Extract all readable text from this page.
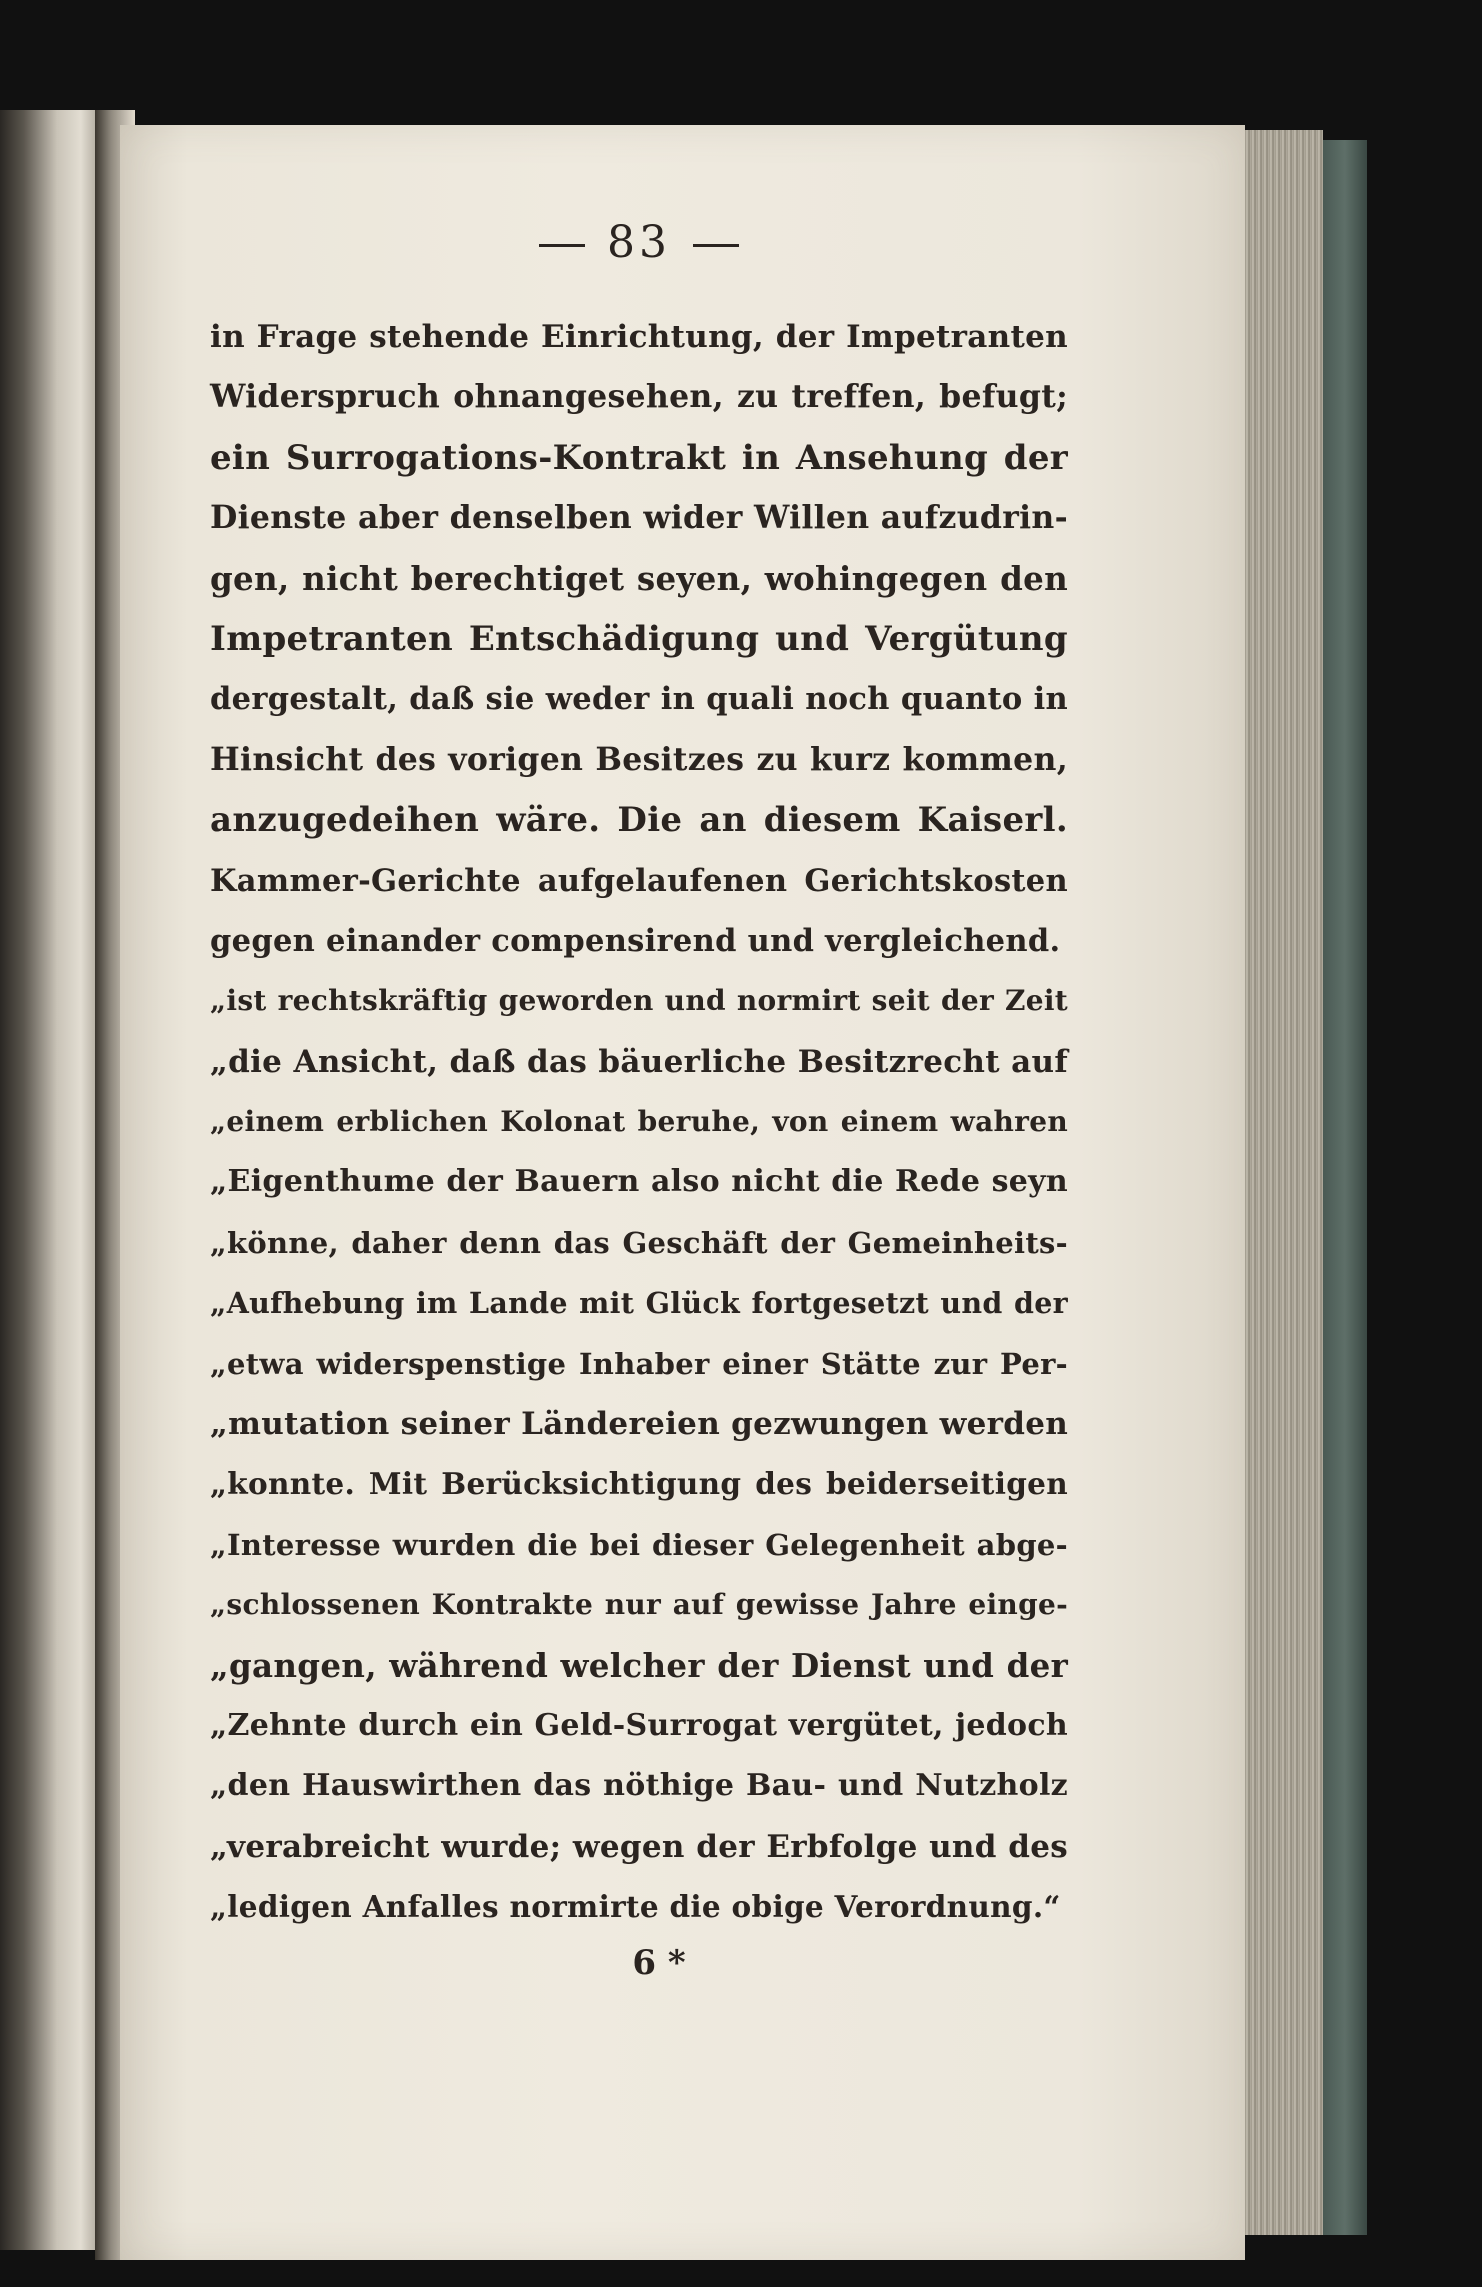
83
in Frage stehende Einrichtung, der Impetranten
Widerspruch ohnangesehen, zu treffen, befugt;
ein Surrogations-Kontrakt in Ansehung der
Dienste aber denselben wider Willen aufzudrin-
gen, nicht berechtiget seyen, wohingegen den
Impetranten Entschädigung und Vergütung
dergestalt, daß sie weder in quali noch quanto in
Hinsicht des vorigen Besitzes zu kurz kommen,
anzugedeihen wäre. Die an diesem Kaiserl.
Kammer-Gerichte aufgelaufenen Gerichtskosten
gegen einander compensirend und vergleichend.
„ist rechtskräftig geworden und normirt seit der Zeit
„die Ansicht, daß das bäuerliche Besitzrecht auf
„einem erblichen Kolonat beruhe, von einem wahren
„Eigenthume der Bauern also nicht die Rede seyn
„könne, daher denn das Geschäft der Gemeinheits-
„Aufhebung im Lande mit Glück fortgesetzt und der
„etwa widerspenstige Inhaber einer Stätte zur Per-
„mutation seiner Ländereien gezwungen werden
„konnte. Mit Berücksichtigung des beiderseitigen
„Interesse wurden die bei dieser Gelegenheit abge-
„schlossenen Kontrakte nur auf gewisse Jahre einge-
„gangen, während welcher der Dienst und der
„Zehnte durch ein Geld-Surrogat vergütet, jedoch
„den Hauswirthen das nöthige Bau- und Nutzholz
„verabreicht wurde; wegen der Erbfolge und des
„ledigen Anfalles normirte die obige Verordnung.“
6 *
